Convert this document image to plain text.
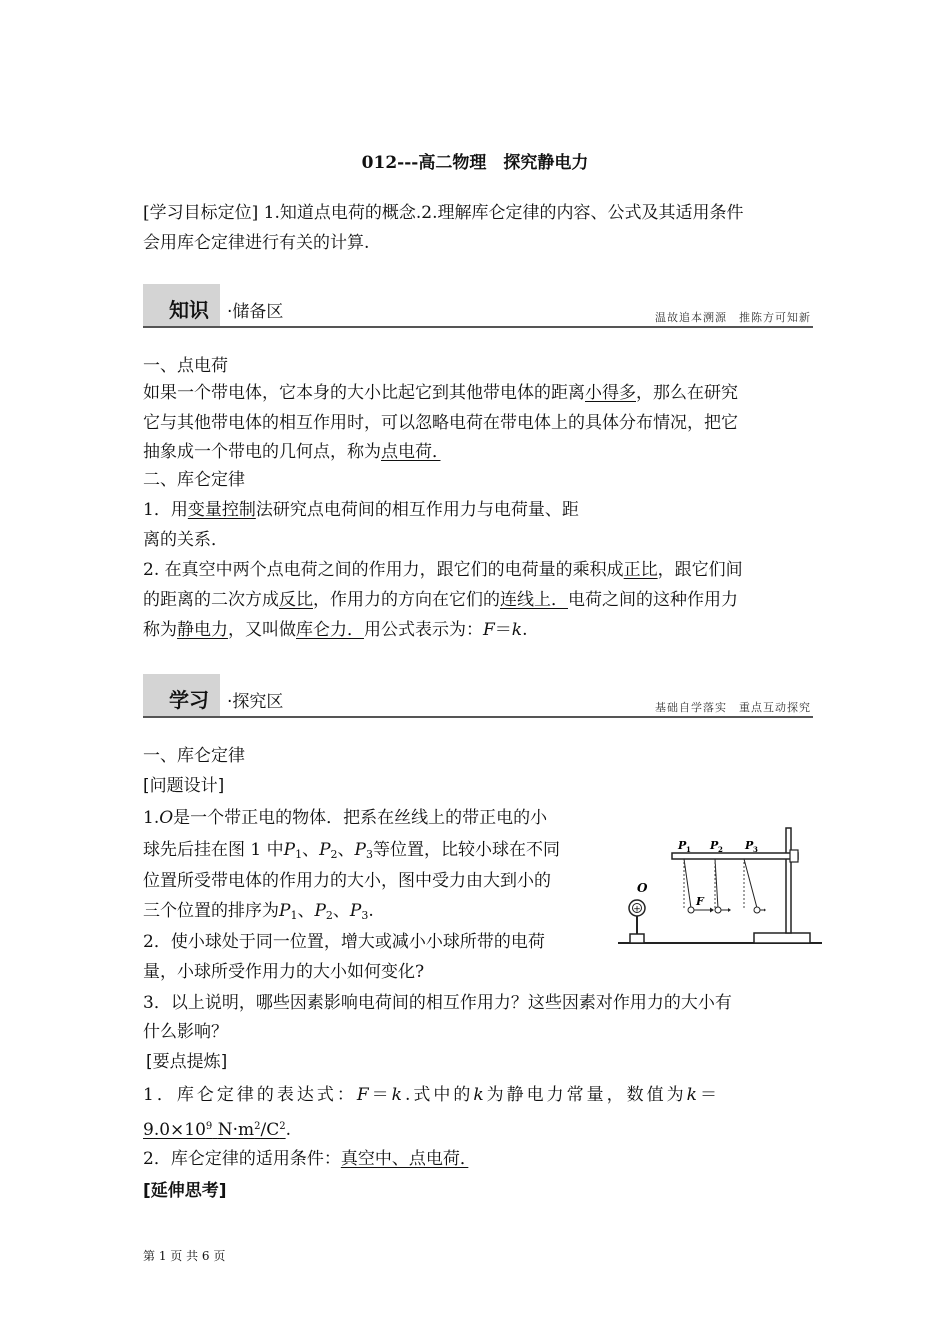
012---高二物理　探究静电力
[学习目标定位] 1.知道点电荷的概念.2.理解库仑定律的内容、公式及其适用条件
会用库仑定律进行有关的计算.
知识 ·储备区	温故追本溯源　推陈方可知新
一、点电荷
如果一个带电体，它本身的大小比起它到其他带电体的距离小得多，那么在研究
它与其他带电体的相互作用时，可以忽略电荷在带电体上的具体分布情况，把它
抽象成一个带电的几何点，称为点电荷．　
二、库仑定律
1．用变量控制法研究点电荷间的相互作用力与电荷量、距
离的关系．
2. 在真空中两个点电荷之间的作用力，跟它们的电荷量的乘积成正比，跟它们间
的距离的二次方成反比，作用力的方向在它们的连线上．电荷之间的这种作用力
称为静电力，又叫做库仑力．用公式表示为：F＝k.
学习 ·探究区	基础自学落实　重点互动探究
一、库仑定律
[问题设计]
1.O是一个带正电的物体．把系在丝线上的带正电的小
球先后挂在图 1 中$P_1$、$P_2$、$P_3$等位置，比较小球在不同
位置所受带电体的作用力的大小，图中受力由大到小的
三个位置的排序为$P_1$、$P_2$、$P_3$.
2．使小球处于同一位置，增大或减小小球所带的电荷
量，小球所受作用力的大小如何变化?
3．以上说明，哪些因素影响电荷间的相互作用力？这些因素对作用力的大小有
什么影响？
[要点提炼]
1．库仑定律的表达式：F＝k.式中的k为静电力常量，数值为k＝
$9.0\times 10^9$ $N\cdot m^2/C^2$.
2．库仑定律的适用条件：真空中、点电荷．　
[延伸思考]
+
O
F
P 1 P 2 P 3
第 1 页 共 6 页
